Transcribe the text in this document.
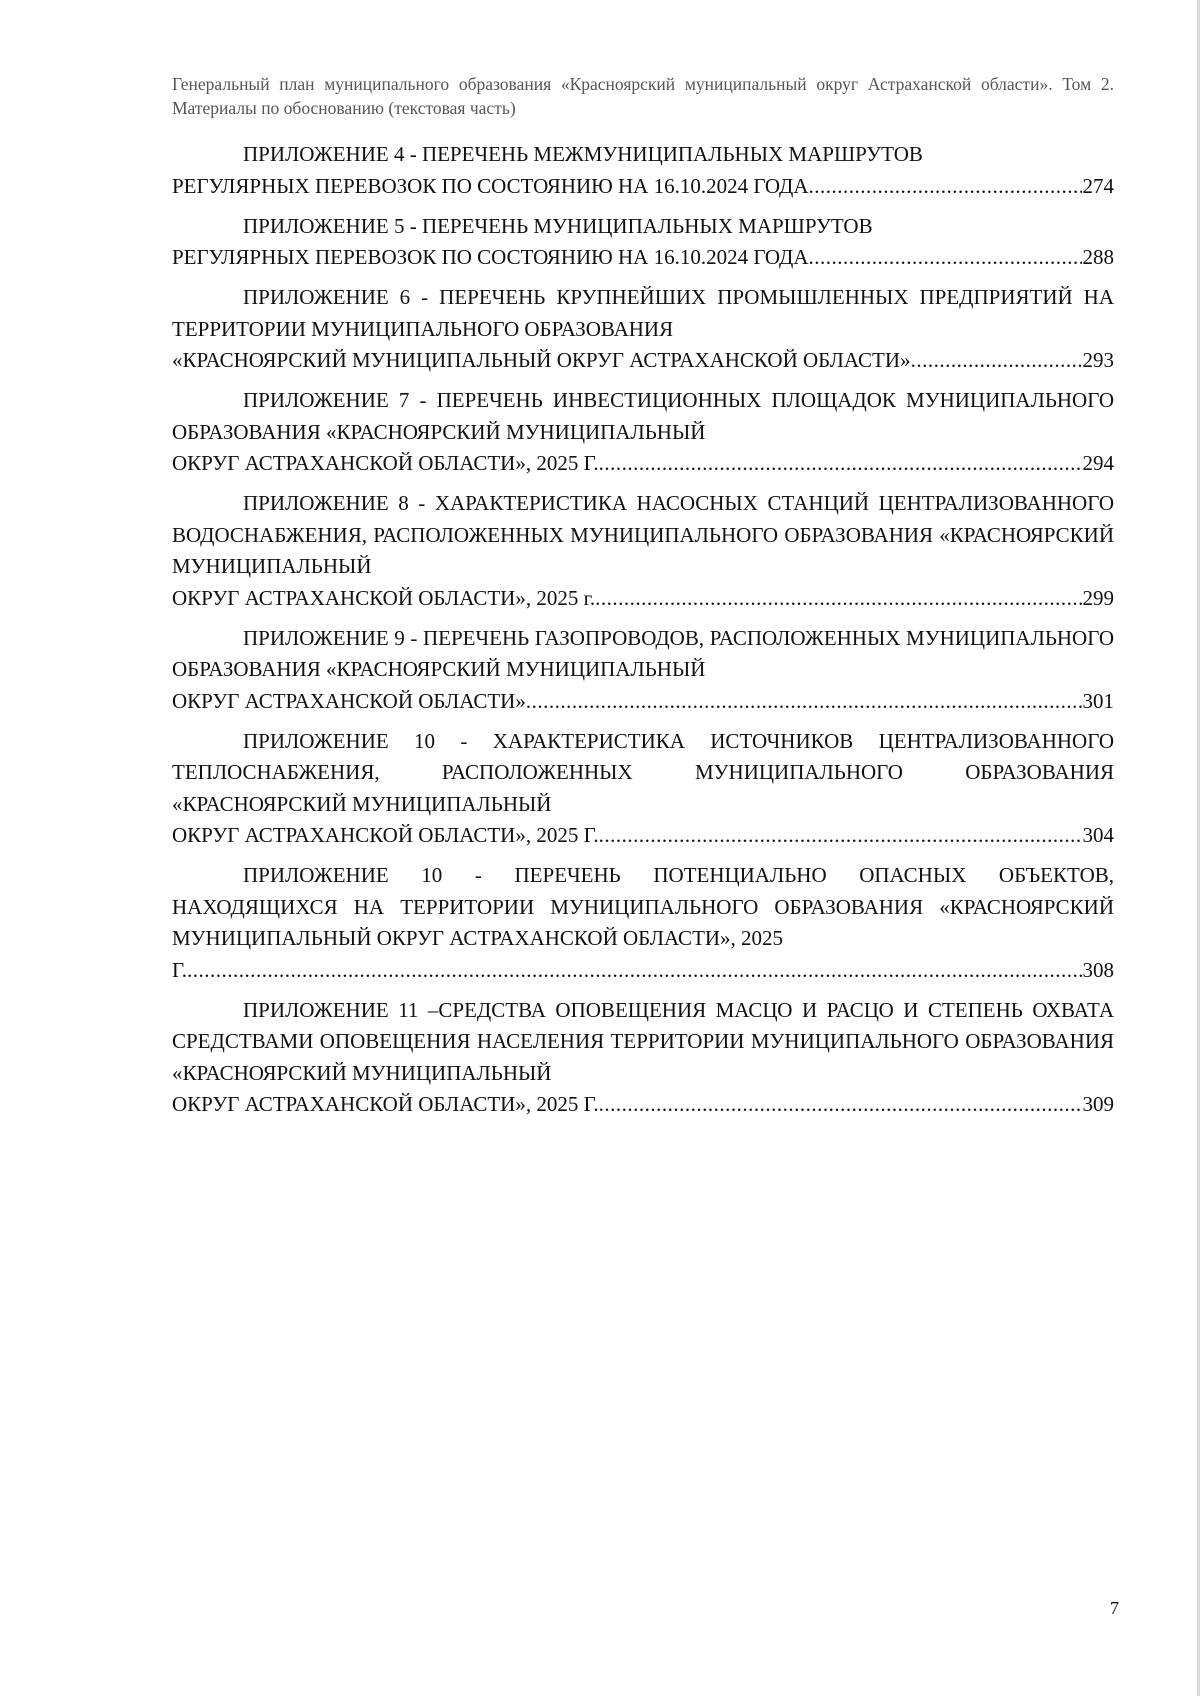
Генеральный план муниципального образования «Красноярский муниципальный округ Астраханской области». Том 2. Материалы по обоснованию (текстовая часть)
ПРИЛОЖЕНИЕ 4 - ПЕРЕЧЕНЬ МЕЖМУНИЦИПАЛЬНЫХ МАРШРУТОВ
РЕГУЛЯРНЫХ ПЕРЕВОЗОК ПО СОСТОЯНИЮ НА 16.10.2024 ГОДА .....	274
ПРИЛОЖЕНИЕ 5 - ПЕРЕЧЕНЬ МУНИЦИПАЛЬНЫХ МАРШРУТОВ
РЕГУЛЯРНЫХ ПЕРЕВОЗОК ПО СОСТОЯНИЮ НА 16.10.2024 ГОДА .....	288
ПРИЛОЖЕНИЕ 6 - ПЕРЕЧЕНЬ КРУПНЕЙШИХ ПРОМЫШЛЕННЫХ ПРЕДПРИЯТИЙ НА ТЕРРИТОРИИ МУНИЦИПАЛЬНОГО ОБРАЗОВАНИЯ
«КРАСНОЯРСКИЙ МУНИЦИПАЛЬНЫЙ ОКРУГ АСТРАХАНСКОЙ ОБЛАСТИ» .....	293
ПРИЛОЖЕНИЕ 7 - ПЕРЕЧЕНЬ ИНВЕСТИЦИОННЫХ ПЛОЩАДОК МУНИЦИПАЛЬНОГО ОБРАЗОВАНИЯ «КРАСНОЯРСКИЙ МУНИЦИПАЛЬНЫЙ
ОКРУГ АСТРАХАНСКОЙ ОБЛАСТИ», 2025 Г. .....	294
ПРИЛОЖЕНИЕ 8 - ХАРАКТЕРИСТИКА НАСОСНЫХ СТАНЦИЙ ЦЕНТРАЛИЗОВАННОГО ВОДОСНАБЖЕНИЯ, РАСПОЛОЖЕННЫХ МУНИЦИПАЛЬНОГО ОБРАЗОВАНИЯ «КРАСНОЯРСКИЙ МУНИЦИПАЛЬНЫЙ
ОКРУГ АСТРАХАНСКОЙ ОБЛАСТИ», 2025 г. .....	299
ПРИЛОЖЕНИЕ 9 - ПЕРЕЧЕНЬ ГАЗОПРОВОДОВ, РАСПОЛОЖЕННЫХ МУНИЦИПАЛЬНОГО ОБРАЗОВАНИЯ «КРАСНОЯРСКИЙ МУНИЦИПАЛЬНЫЙ
ОКРУГ АСТРАХАНСКОЙ ОБЛАСТИ» .....	301
ПРИЛОЖЕНИЕ 10 - ХАРАКТЕРИСТИКА ИСТОЧНИКОВ ЦЕНТРАЛИЗОВАННОГО ТЕПЛОСНАБЖЕНИЯ, РАСПОЛОЖЕННЫХ МУНИЦИПАЛЬНОГО ОБРАЗОВАНИЯ «КРАСНОЯРСКИЙ МУНИЦИПАЛЬНЫЙ
ОКРУГ АСТРАХАНСКОЙ ОБЛАСТИ», 2025 Г. .....	304
ПРИЛОЖЕНИЕ 10 - ПЕРЕЧЕНЬ ПОТЕНЦИАЛЬНО ОПАСНЫХ ОБЪЕКТОВ, НАХОДЯЩИХСЯ НА ТЕРРИТОРИИ МУНИЦИПАЛЬНОГО ОБРАЗОВАНИЯ «КРАСНОЯРСКИЙ МУНИЦИПАЛЬНЫЙ ОКРУГ АСТРАХАНСКОЙ ОБЛАСТИ», 2025
Г. .....	308
ПРИЛОЖЕНИЕ 11 –СРЕДСТВА ОПОВЕЩЕНИЯ МАСЦО И РАСЦО И СТЕПЕНЬ ОХВАТА СРЕДСТВАМИ ОПОВЕЩЕНИЯ НАСЕЛЕНИЯ ТЕРРИТОРИИ МУНИЦИПАЛЬНОГО ОБРАЗОВАНИЯ «КРАСНОЯРСКИЙ МУНИЦИПАЛЬНЫЙ
ОКРУГ АСТРАХАНСКОЙ ОБЛАСТИ», 2025 Г. .....	309
7
